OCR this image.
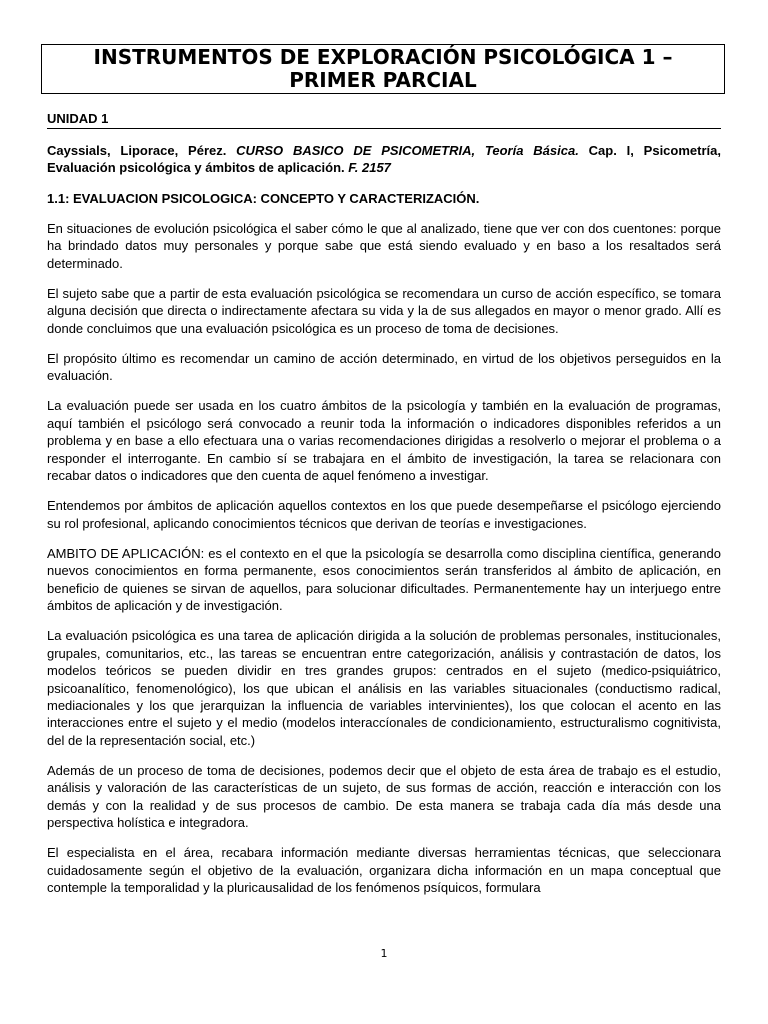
INSTRUMENTOS DE EXPLORACIÓN PSICOLÓGICA 1 –
PRIMER PARCIAL
UNIDAD 1

Cayssials, Liporace, Pérez. CURSO BASICO DE PSICOMETRIA, Teoría Básica. Cap. I, Psicometría, Evaluación psicológica y ámbitos de aplicación. F. 2157

1.1: EVALUACION PSICOLOGICA: CONCEPTO Y CARACTERIZACIÓN.

En situaciones de evolución psicológica el saber cómo le que al analizado, tiene que ver con dos cuentones: porque ha brindado datos muy personales y porque sabe que está siendo evaluado y en baso a los resaltados será determinado.

El sujeto sabe que a partir de esta evaluación psicológica se recomendara un curso de acción específico, se tomara alguna decisión que directa o indirectamente afectara su vida y la de sus allegados en mayor o menor grado. Allí es donde concluimos que una evaluación psicológica es un proceso de toma de decisiones.

El propósito último es recomendar un camino de acción determinado, en virtud de los objetivos perseguidos en la evaluación.

La evaluación puede ser usada en los cuatro ámbitos de la psicología y también en la evaluación de programas, aquí también el psicólogo será convocado a reunir toda la información o indicadores disponibles referidos a un problema y en base a ello efectuara una o varias recomendaciones dirigidas a resolverlo o mejorar el problema o a responder el interrogante. En cambio sí se trabajara en el ámbito de investigación, la tarea se relacionara con recabar datos o indicadores que den cuenta de aquel fenómeno a investigar.

Entendemos por ámbitos de aplicación aquellos contextos en los que puede desempeñarse el psicólogo ejerciendo su rol profesional, aplicando conocimientos técnicos que derivan de teorías e investigaciones.

AMBITO DE APLICACIÓN: es el contexto en el que la psicología se desarrolla como disciplina científica, generando nuevos conocimientos en forma permanente, esos conocimientos serán transferidos al ámbito de aplicación, en beneficio de quienes se sirvan de aquellos, para solucionar dificultades. Permanentemente hay un interjuego entre ámbitos de aplicación y de investigación.

La evaluación psicológica es una tarea de aplicación dirigida a la solución de problemas personales, institucionales, grupales, comunitarios, etc., las tareas se encuentran entre categorización, análisis y contrastación de datos, los modelos teóricos se pueden dividir en tres grandes grupos: centrados en el sujeto (medico-psiquiátrico, psicoanalítico, fenomenológico), los que ubican el análisis en las variables situacionales (conductismo radical, mediacionales y los que jerarquizan la influencia de variables intervinientes), los que colocan el acento en las interacciones entre el sujeto y el medio (modelos interaccíonales de condicionamiento, estructuralismo cognitivista, del de la representación social, etc.)

Además de un proceso de toma de decisiones, podemos decir que el objeto de esta área de trabajo es el estudio, análisis y valoración de las características de un sujeto, de sus formas de acción, reacción e interacción con los demás y con la realidad y de sus procesos de cambio. De esta manera se trabaja cada día más desde una perspectiva holística e integradora.

El especialista en el área, recabara información mediante diversas herramientas técnicas, que seleccionara cuidadosamente según el objetivo de la evaluación, organizara dicha información en un mapa conceptual que contemple la temporalidad y la pluricausalidad de los fenómenos psíquicos, formulara

1
